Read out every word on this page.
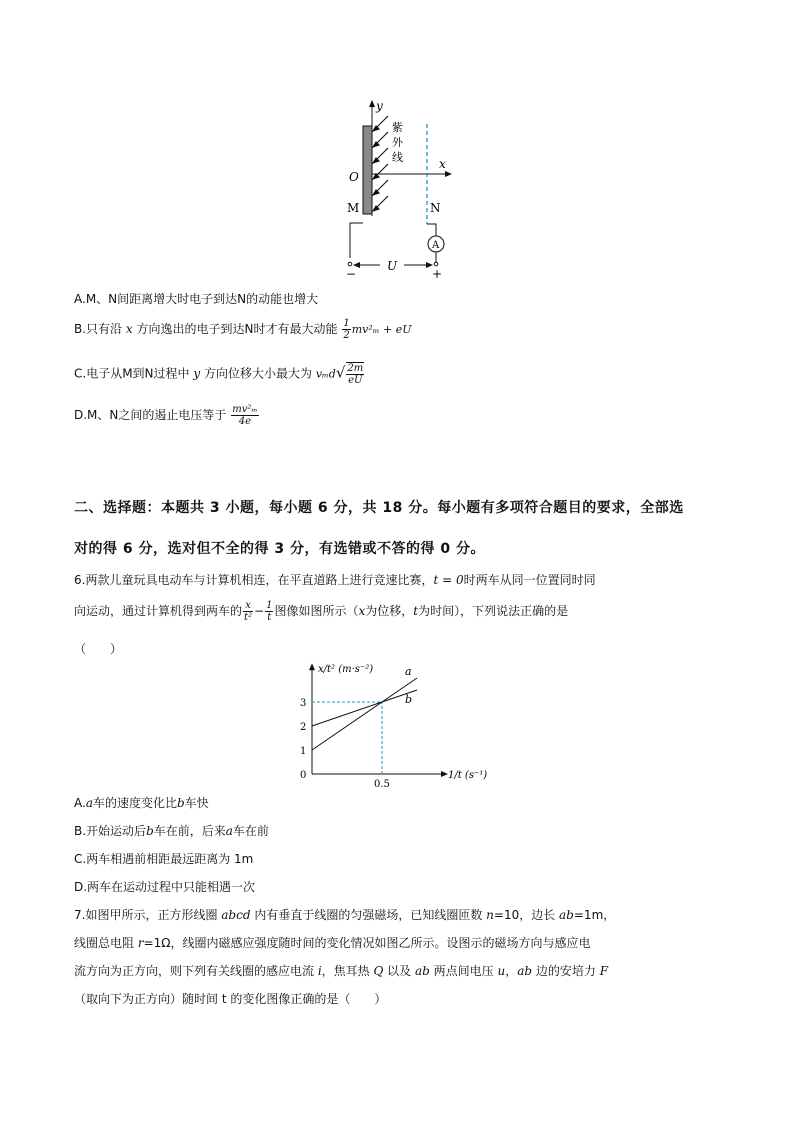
y
x
O
M	N
紫
外
线
A
U
−	+
A.M、N间距离增大时电子到达N的动能也增大
B.只有沿 x 方向逸出的电子到达N时才有最大动能 $\frac{1}{2} mv^2_m$ + eU
C.电子从M到N过程中 y 方向位移大小最大为 $v_md√ \frac{2m}{eU}$
D.M、N之间的遏止电压等于 $\frac{\text{mv²ₘ}}{4e}$
二、选择题：本题共 3 小题，每小题 6 分，共 18 分。每小题有多项符合题目的要求，全部选
对的得 6 分，选对但不全的得 3 分，有选错或不答的得 0 分。
6.两款儿童玩具电动车与计算机相连，在平直道路上进行竞速比赛，t = 0时两车从同一位置同时同
向运动，通过计算机得到两车的 $\frac{x}{\text{t²}} - \frac{1}{t}$ 图像如图所示（x为位移，t为时间），下列说法正确的是
（　　）
0
1
2
3
0.5
a
b
x/t² (m·s⁻²)
1/t (s⁻¹)
A.a车的速度变化比b车快
B.开始运动后b车在前，后来a车在前
C.两车相遇前相距最远距离为 1m
D.两车在运动过程中只能相遇一次
7.如图甲所示，正方形线圈 abcd 内有垂直于线圈的匀强磁场，已知线圈匝数 n=10，边长 ab=1m，
线圈总电阻 r=1Ω，线圈内磁感应强度随时间的变化情况如图乙所示。设图示的磁场方向与感应电
流方向为正方向，则下列有关线圈的感应电流 i，焦耳热 Q 以及 ab 两点间电压 u，ab 边的安培力 F
（取向下为正方向）随时间 t 的变化图像正确的是（　　）
